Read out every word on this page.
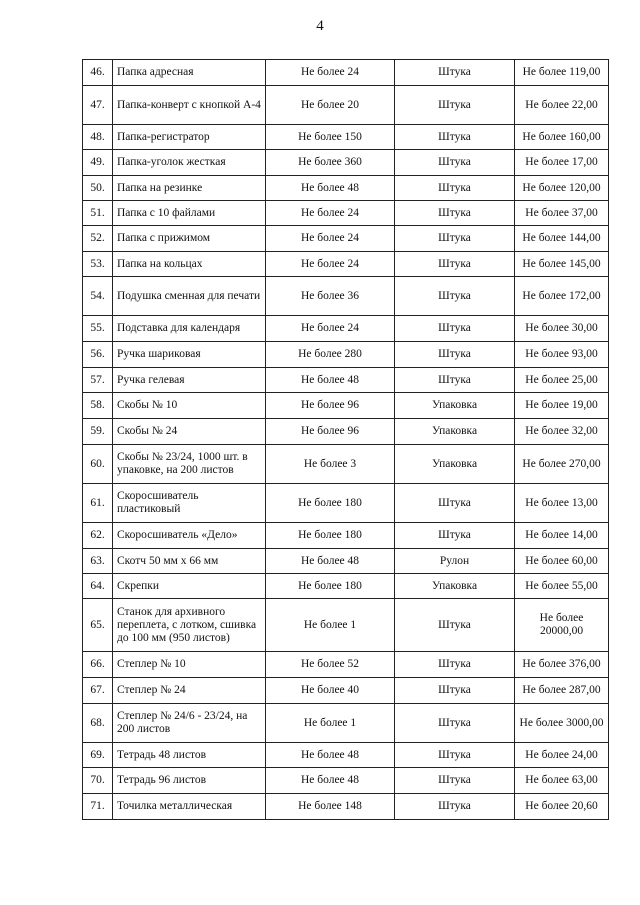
4
46.	Папка адресная	Не более 24	Штука	Не более 119,00
47.	Папка-конверт с кнопкой А-4	Не более 20	Штука	Не более 22,00
48.	Папка-регистратор	Не более 150	Штука	Не более 160,00
49.	Папка-уголок жесткая	Не более 360	Штука	Не более 17,00
50.	Папка на резинке	Не более 48	Штука	Не более 120,00
51.	Папка с 10 файлами	Не более 24	Штука	Не более 37,00
52.	Папка с прижимом	Не более 24	Штука	Не более 144,00
53.	Папка на кольцах	Не более 24	Штука	Не более 145,00
54.	Подушка сменная для печати	Не более 36	Штука	Не более 172,00
55.	Подставка для календаря	Не более 24	Штука	Не более 30,00
56.	Ручка шариковая	Не более 280	Штука	Не более 93,00
57.	Ручка гелевая	Не более 48	Штука	Не более 25,00
58.	Скобы № 10	Не более 96	Упаковка	Не более 19,00
59.	Скобы № 24	Не более 96	Упаковка	Не более 32,00
60.	Скобы № 23/24, 1000 шт. в упаковке, на 200 листов	Не более 3	Упаковка	Не более 270,00
61.	Скоросшиватель пластиковый	Не более 180	Штука	Не более 13,00
62.	Скоросшиватель «Дело»	Не более 180	Штука	Не более 14,00
63.	Скотч 50 мм х 66 мм	Не более 48	Рулон	Не более 60,00
64.	Скрепки	Не более 180	Упаковка	Не более 55,00
65.	Станок для архивного переплета, с лотком, сшивка до 100 мм (950 листов)	Не более 1	Штука	Не более 20000,00
66.	Степлер № 10	Не более 52	Штука	Не более 376,00
67.	Степлер № 24	Не более 40	Штука	Не более 287,00
68.	Степлер № 24/6 - 23/24, на 200 листов	Не более 1	Штука	Не более 3000,00
69.	Тетрадь 48 листов	Не более 48	Штука	Не более 24,00
70.	Тетрадь 96 листов	Не более 48	Штука	Не более 63,00
71.	Точилка металлическая	Не более 148	Штука	Не более 20,60
